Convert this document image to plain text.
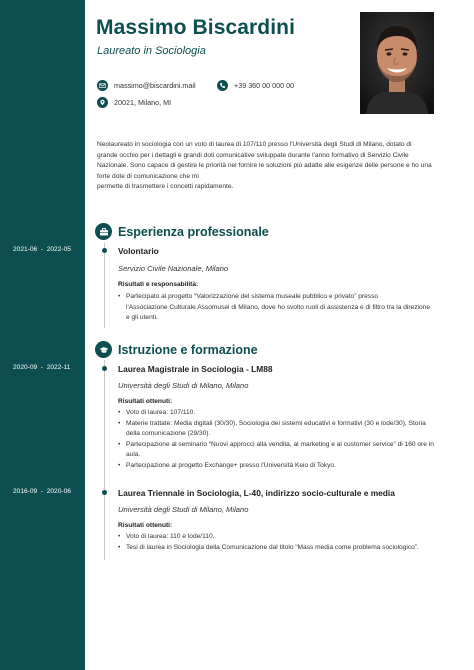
Massimo Biscardini
Laureato in Sociologia
massimo@biscardini.mail	+39 360 00 000 00
20021, Milano, MI

Neolaureato in sociologia con un voto di laurea di 107/110 presso l'Università degli Studi di Milano, dotato di

grande occhio per i dettagli e grandi doti comunicative sviluppate durante l'anno formativo di Servizio Civile

Nazionale. Sono capace di gestire le priorità nel fornire le soluzioni più adatte alle esigenze delle persone e ho una

forte dote di comunicazione che mi

permette di trasmettere i concetti rapidamente.

Esperienza professionale
2021-06  -  2022-05	Volontario
Servizio Civile Nazionale, Milano
Risultati e responsabilità:
• Partecipato al progetto “Valorizzazione del sistema museale pubblico e privato” presso
l'Associazione Culturale Assomusei di Milano, dove ho svolto ruoli di assistenza e di filtro tra la direzione
e gli utenti.
Istruzione e formazione
2020-09  -  2022-11	Laurea Magistrale in Sociologia - LM88
Università degli Studi di Milano, Milano
Risultati ottenuti:
• Voto di laurea: 107/110.
• Materie trattate: Media digitali (30/30), Sociologia dei sistemi educativi e formativi (30 e lode/30), Storia
della comunicazione (29/30).
• Partecipazione al seminario “Nuovi approcci alla vendita, al marketing e al customer service” di 160 ore in
aula.
• Partecipazione al progetto Exchange+ presso l'Università Keio di Tokyo.
2016-09  -  2020-06	Laurea Triennale in Sociologia, L-40, indirizzo socio-culturale e media
Università degli Studi di Milano, Milano
Risultati ottenuti:
• Voto di laurea: 110 e lode/110.
• Tesi di laurea in Sociologia della Comunicazione dal titolo “Mass media come problema sociologico”.
